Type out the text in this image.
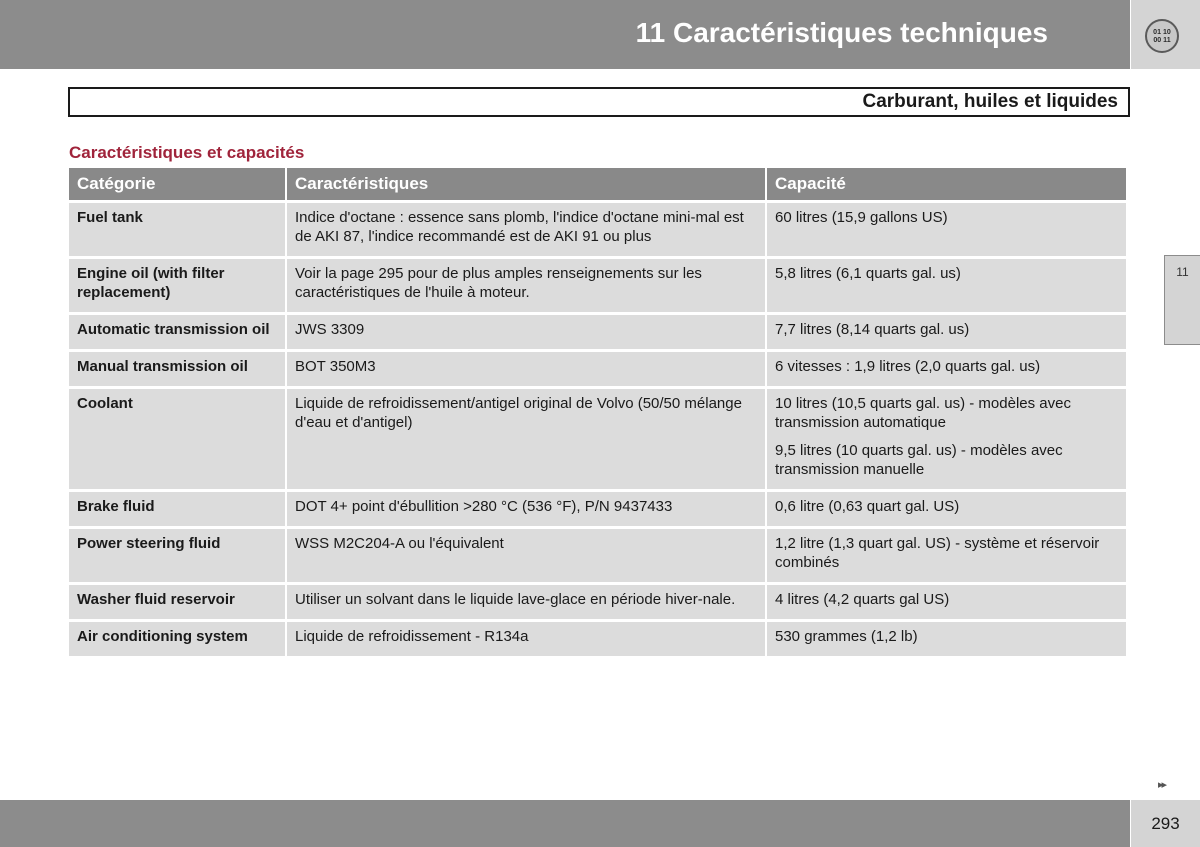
11 Caractéristiques techniques	01 10
00 11
Carburant, huiles et liquides
Caractéristiques et capacités
Catégorie	Caractéristiques	Capacité
Fuel tank	Indice d'octane : essence sans plomb, l'indice d'octane mini-mal est de AKI 87, l'indice recommandé est de AKI 91 ou plus	60 litres (15,9 gallons US)
Engine oil (with filter replacement)	Voir la page 295 pour de plus amples renseignements sur les caractéristiques de l'huile à moteur.	5,8 litres (6,1 quarts gal. us)
Automatic transmission oil	JWS 3309	7,7 litres (8,14 quarts gal. us)
Manual transmission oil	BOT 350M3	6 vitesses : 1,9 litres (2,0 quarts gal. us)
Coolant	Liquide de refroidissement/antigel original de Volvo (50/50 mélange d'eau et d'antigel)	10 litres (10,5 quarts gal. us) - modèles avec transmission automatique
9,5 litres (10 quarts gal. us) - modèles avec transmission manuelle

Brake fluid	DOT 4+ point d'ébullition >280 °C (536 °F), P/N 9437433	0,6 litre (0,63 quart gal. US)
Power steering fluid	WSS M2C204-A ou l'équivalent	1,2 litre (1,3 quart gal. US) - système et réservoir combinés
Washer fluid reservoir	Utiliser un solvant dans le liquide lave-glace en période hiver-nale.	4 litres (4,2 quarts gal US)
Air conditioning system	Liquide de refroidissement - R134a	530 grammes (1,2 lb)
11
▸▸
293
